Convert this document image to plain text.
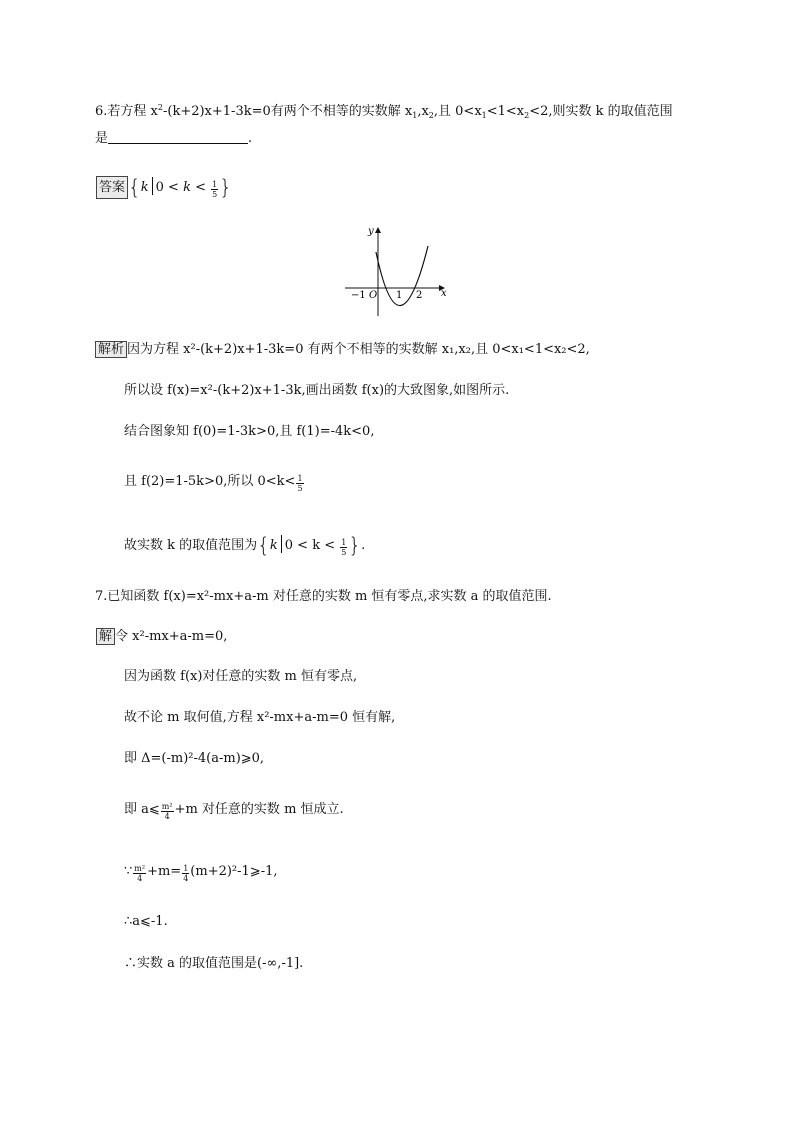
6.若方程 $x^2-(k+2)x+1-3k=0$有两个不相等的实数解 $x_1,x_2$,且 $0<x_1<1<x_2<2$,则实数 k 的取值范围
是	.
答案 {k $0 < k < \frac{1}{5}$ }
y
x
O
−1	1 2
解析 因为方程 x²-(k+2)x+1-3k=0 有两个不相等的实数解 x₁,x₂,且 0<x₁<1<x₂<2,
所以设 f(x)=x²-(k+2)x+1-3k,画出函数 f(x)的大致图象,如图所示.
结合图象知 f(0)=1-3k>0,且 f(1)=-4k<0,
且 f(2)=1-5k>0,所以 $0<k< \frac{1}{5}$
故实数 k 的取值范围为{k $0 < k < \frac{1}{5}$ }.
7.已知函数 f(x)=x²-mx+a-m 对任意的实数 m 恒有零点,求实数 a 的取值范围.
解 令 x²-mx+a-m=0,
因为函数 f(x)对任意的实数 m 恒有零点,
故不论 m 取何值,方程 x²-mx+a-m=0 恒有解,
即 Δ=(-m)²-4(a-m)⩾0,
即 a⩽ $\frac{\text{m²}}{4} +m$ 对任意的实数 m 恒成立.
∵ $\frac{\text{m²}}{4} +m= \frac{1}{4}$ (m+2)²-1⩾-1,
∴a⩽-1.
∴实数 a 的取值范围是(-∞,-1].
